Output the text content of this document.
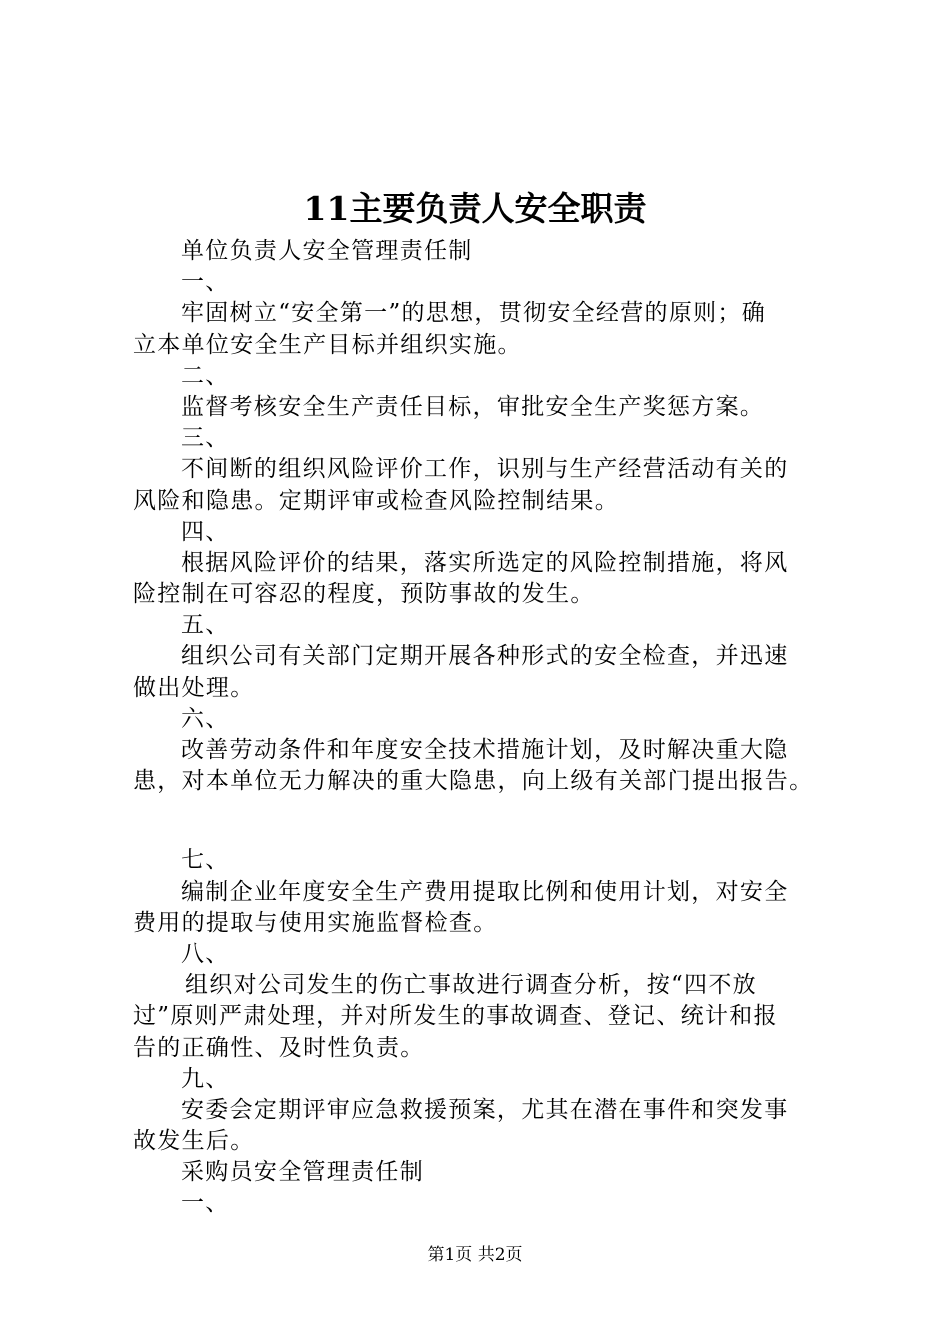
11主要负责人安全职责
单位负责人安全管理责任制
一、
牢固树立“安全第一”的思想，贯彻安全经营的原则；确
立本单位安全生产目标并组织实施。
二、
监督考核安全生产责任目标，审批安全生产奖惩方案。
三、
不间断的组织风险评价工作，识别与生产经营活动有关的
风险和隐患。定期评审或检查风险控制结果。
四、
根据风险评价的结果，落实所选定的风险控制措施，将风
险控制在可容忍的程度，预防事故的发生。
五、
组织公司有关部门定期开展各种形式的安全检查，并迅速
做出处理。
六、
改善劳动条件和年度安全技术措施计划，及时解决重大隐
患，对本单位无力解决的重大隐患，向上级有关部门提出报告。
七、
编制企业年度安全生产费用提取比例和使用计划，对安全
费用的提取与使用实施监督检查。
八、
组织对公司发生的伤亡事故进行调查分析，按“四不放
过”原则严肃处理，并对所发生的事故调查、登记、统计和报
告的正确性、及时性负责。
九、
安委会定期评审应急救援预案，尤其在潜在事件和突发事
故发生后。
采购员安全管理责任制
一、
第1页 共2页
